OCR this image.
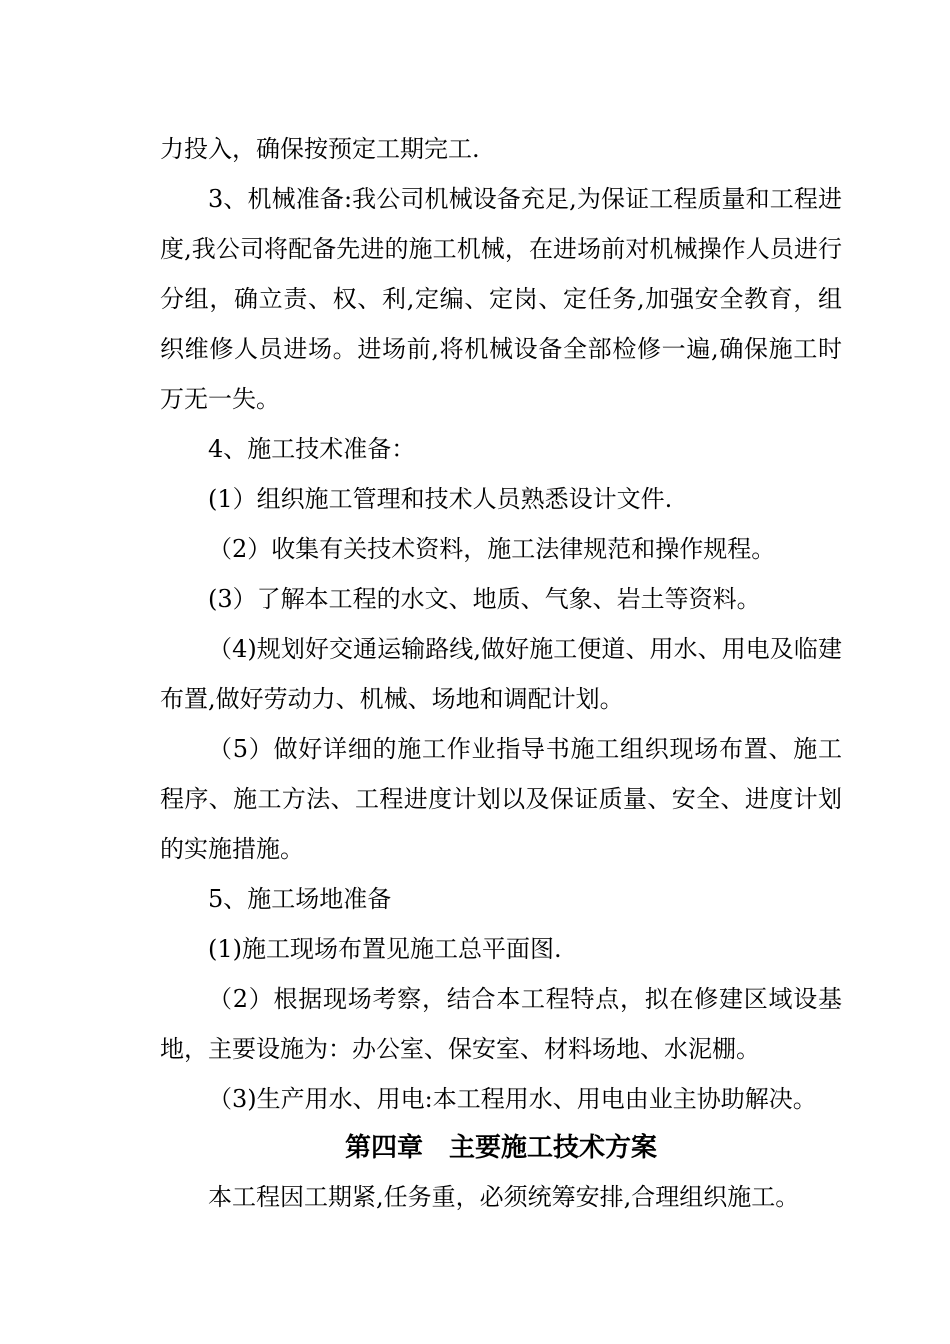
力投入，确保按预定工期完工.

3、机械准备:我公司机械设备充足,为保证工程质量和工程进度,我公司将配备先进的施工机械，在进场前对机械操作人员进行分组，确立责、权、利,定编、定岗、定任务,加强安全教育，组织维修人员进场。进场前,将机械设备全部检修一遍,确保施工时万无一失。

4、施工技术准备：

(1）组织施工管理和技术人员熟悉设计文件.

（2）收集有关技术资料，施工法律规范和操作规程。

(3）了解本工程的水文、地质、气象、岩土等资料。

（4)规划好交通运输路线,做好施工便道、用水、用电及临建布置,做好劳动力、机械、场地和调配计划。

（5）做好详细的施工作业指导书施工组织现场布置、施工程序、施工方法、工程进度计划以及保证质量、安全、进度计划的实施措施。

5、施工场地准备

(1)施工现场布置见施工总平面图.

（2）根据现场考察，结合本工程特点，拟在修建区域设基地，主要设施为：办公室、保安室、材料场地、水泥棚。

（3)生产用水、用电:本工程用水、用电由业主协助解决。

第四章　主要施工技术方案

本工程因工期紧,任务重，必须统筹安排,合理组织施工。
